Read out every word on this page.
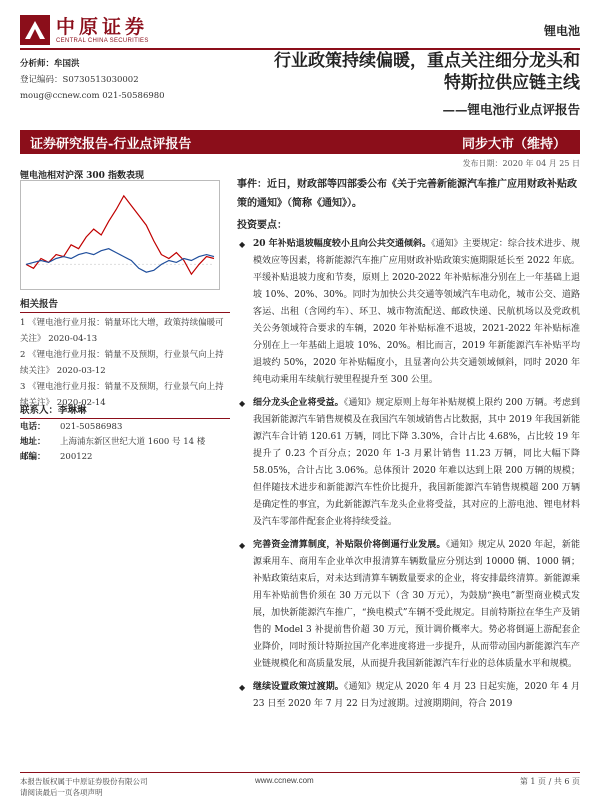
中原证券
CENTRAL CHINA SECURITIES
锂电池
分析师：牟国洪
登记编码：S0730513030002
moug@ccnew.com 021-50586980
行业政策持续偏暖，重点关注细分龙头和
特斯拉供应链主线
——锂电池行业点评报告
证券研究报告-行业点评报告	同步大市（维持）
发布日期：2020 年 04 月 25 日
锂电池相对沪深 300 指数表现
相关报告
1 《锂电池行业月报：销量环比大增，政策持续偏暖可关注》 2020-04-13
2 《锂电池行业月报：销量不及预期，行业景气向上持续关注》 2020-03-12
3 《锂电池行业月报：销量不及预期，行业景气向上持续关注》 2020-02-14
联系人：李琳琳
电话：	021-50586983
地址：	上海浦东新区世纪大道 1600 号 14 楼
邮编：	200122
事件：近日，财政部等四部委公布《关于完善新能源汽车推广应用财政补贴政策的通知》（简称《通知》）。
投资要点：
◆ 20 年补贴退坡幅度较小且向公共交通倾斜。《通知》主要规定：综合技术进步、规模效应等因素，将新能源汽车推广应用财政补贴政策实施期限延长至 2022 年底。平缓补贴退坡力度和节奏，原则上 2020-2022 年补贴标准分别在上一年基础上退坡 10%、20%、30%。同时为加快公共交通等领域汽车电动化，城市公交、道路客运、出租（含网约车）、环卫、城市物流配送、邮政快递、民航机场以及党政机关公务领域符合要求的车辆，2020 年补贴标准不退坡，2021-2022 年补贴标准分别在上一年基础上退坡 10%、20%。相比而言，2019 年新能源汽车补贴平均退坡约 50%，2020 年补贴幅度小，且显著向公共交通领域倾斜，同时 2020 年纯电动乘用车续航行驶里程提升至 300 公里。
◆ 细分龙头企业将受益。《通知》规定原则上每年补贴规模上限约 200 万辆。考虑到我国新能源汽车销售规模及在我国汽车领域销售占比数据，其中 2019 年我国新能源汽车合计销 120.61 万辆，同比下降 3.30%，合计占比 4.68%，占比较 19 年提升了 0.23 个百分点；2020 年 1-3 月累计销售 11.23 万辆，同比大幅下降 58.05%，合计占比 3.06%。总体预计 2020 年难以达到上限 200 万辆的规模；但伴随技术进步和新能源汽车性价比提升，我国新能源汽车销售规模超 200 万辆是确定性的事宜，为此新能源汽车龙头企业将受益，其对应的上游电池、锂电材料及汽车零部件配套企业将持续受益。
◆ 完善资金清算制度，补贴限价将倒逼行业发展。《通知》规定从 2020 年起，新能源乘用车、商用车企业单次申报清算车辆数量应分别达到 10000 辆、1000 辆；补贴政策结束后，对未达到清算车辆数量要求的企业，将安排最终清算。新能源乘用车补贴前售价须在 30 万元以下（含 30 万元），为鼓励“换电”新型商业模式发展，加快新能源汽车推广，“换电模式”车辆不受此规定。目前特斯拉在华生产及销售的 Model 3 补提前售价超 30 万元，预计调价概率大。势必将倒逼上游配套企业降价，同时预计特斯拉国产化率进度将进一步提升，从而带动国内新能源汽车产业链规模化和高质量发展，从而提升我国新能源汽车行业的总体质量水平和规模。
◆ 继续设置政策过渡期。《通知》规定从 2020 年 4 月 23 日起实施，2020 年 4 月 23 日至 2020 年 7 月 22 日为过渡期。过渡期期间，符合 2019
本报告版权属于中原证券股份有限公司
请阅读最后一页各项声明
www.ccnew.com	第 1 页 / 共 6 页
